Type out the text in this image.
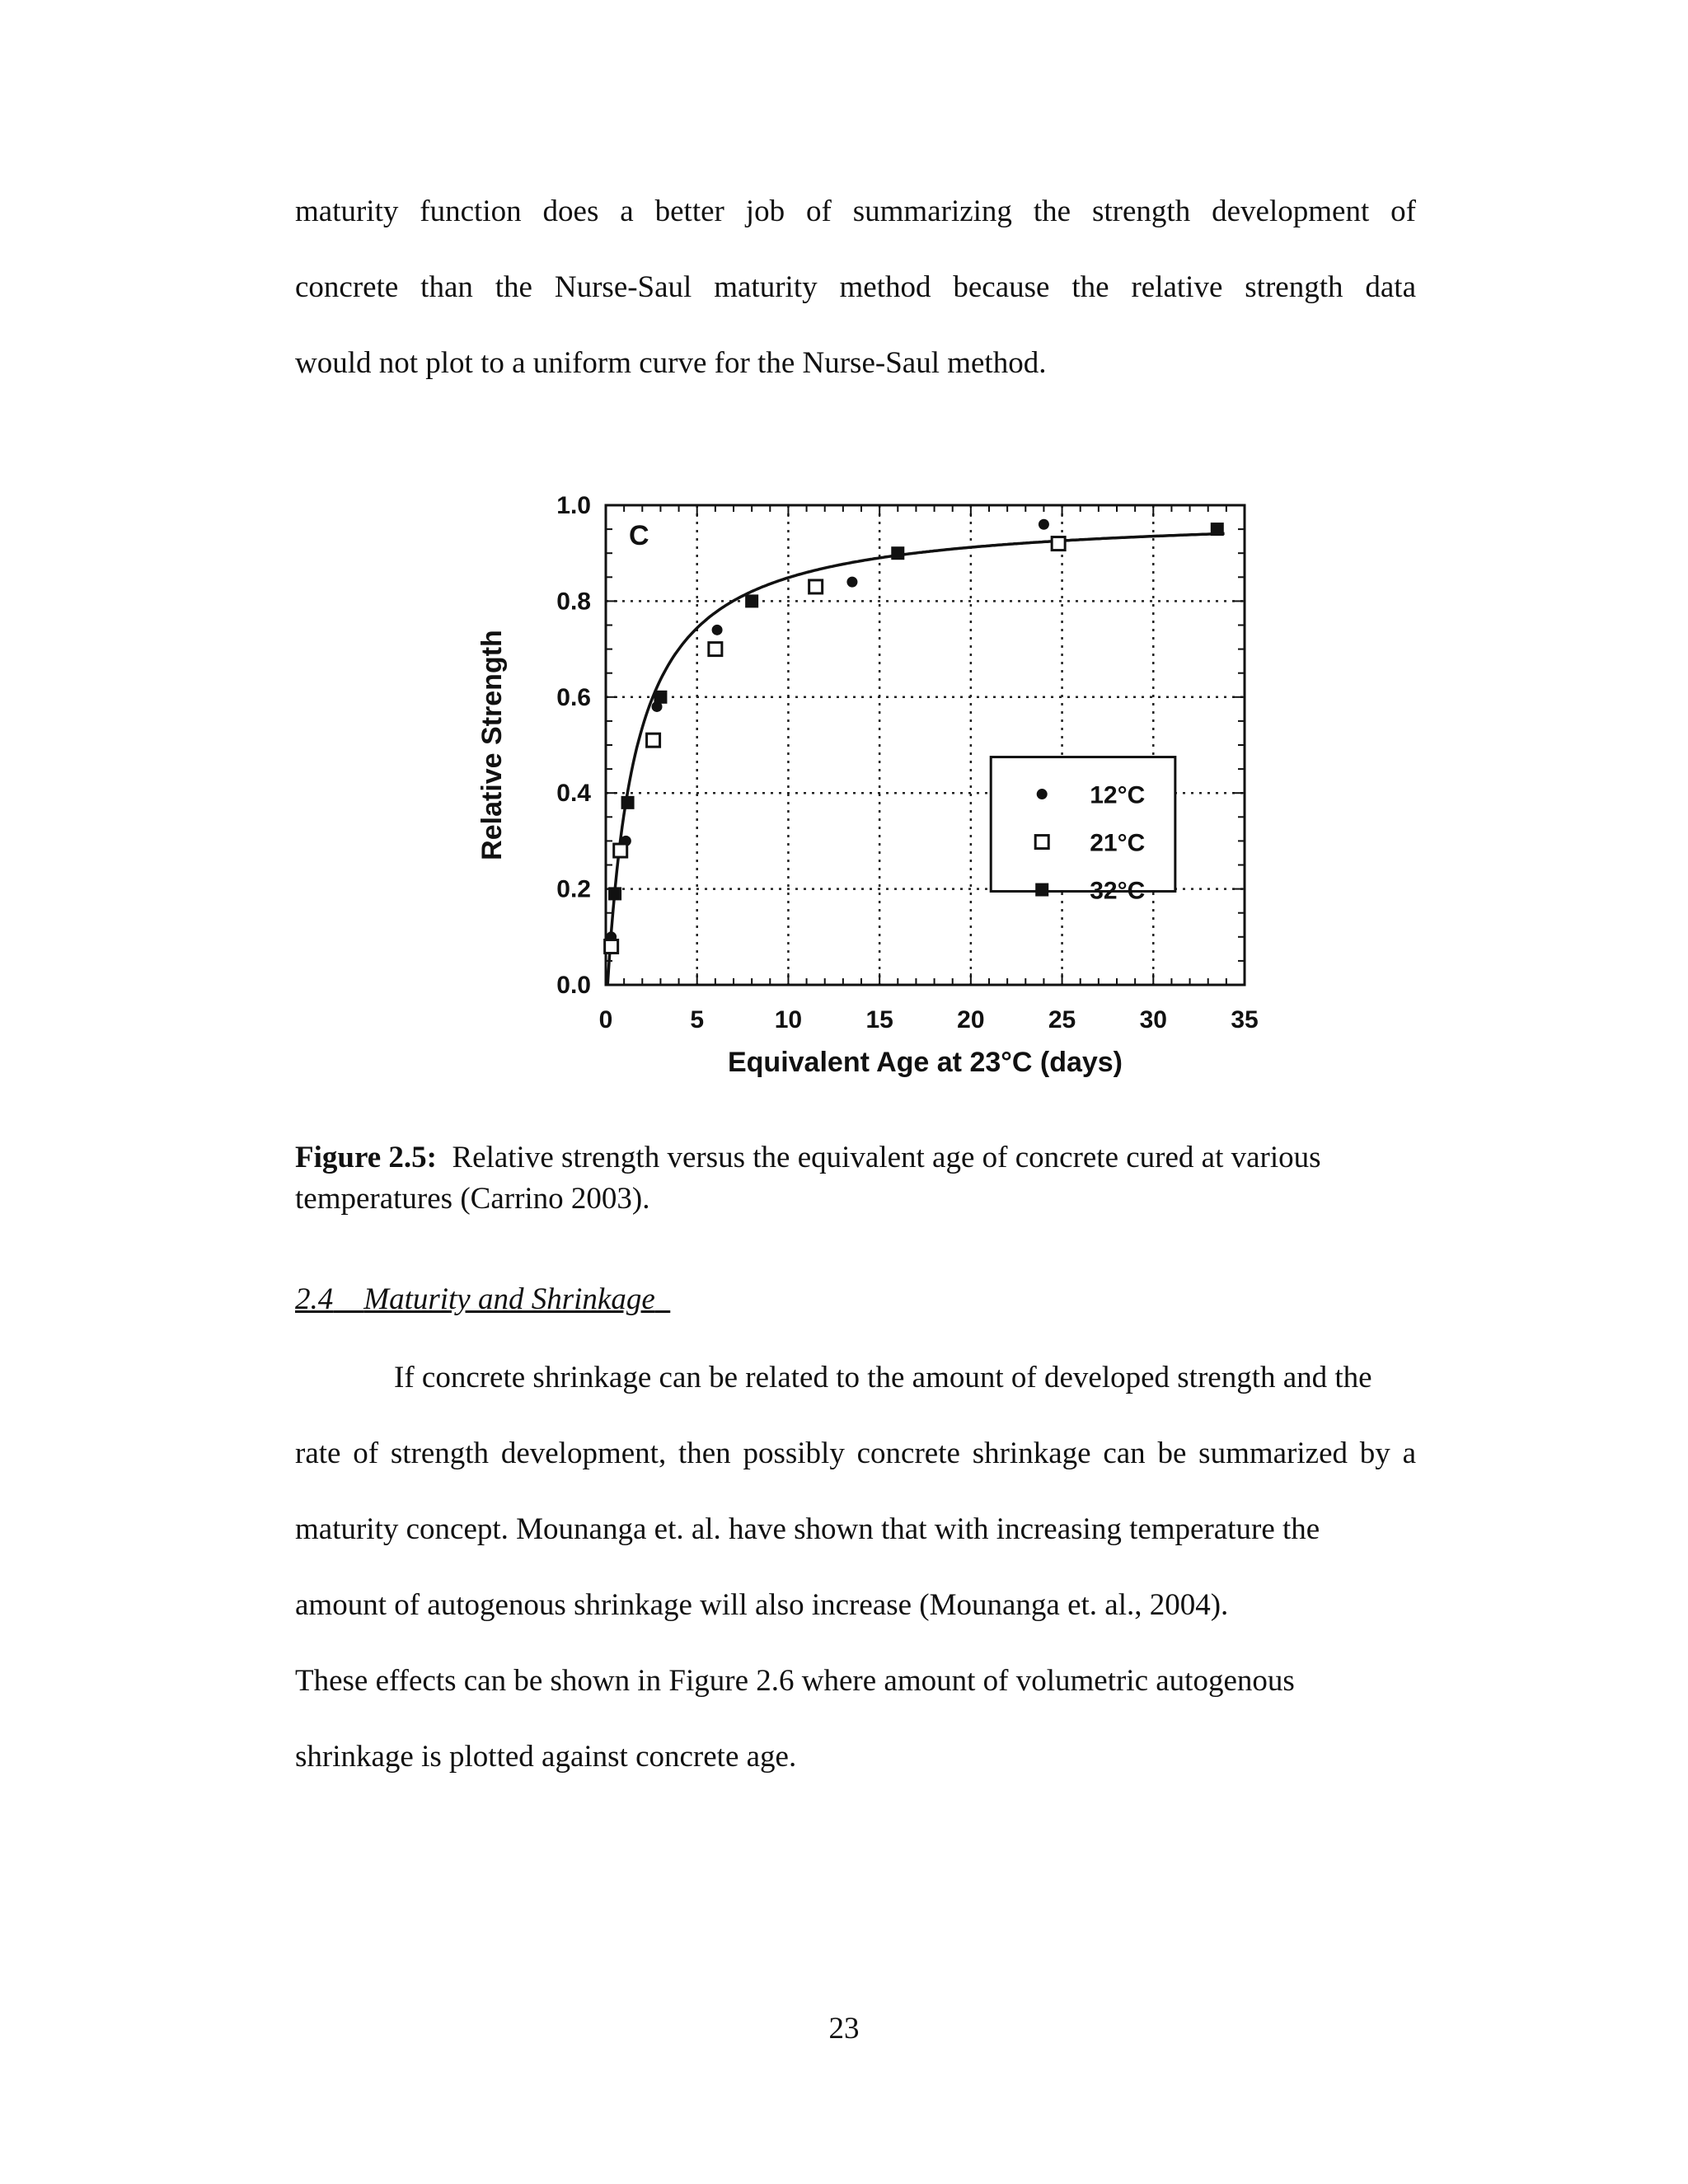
maturity function does a better job of summarizing the strength development of
concrete than the Nurse-Saul maturity method because the relative strength data
would not plot to a uniform curve for the Nurse-Saul method.
12°C
21°C
32°C
0	5	10	15	20	25	30	35
0.0
0.2
0.4
0.6
0.8
1.0
Equivalent Age at 23°C (days)
Relative Strength
C
Figure 2.5: Relative strength versus the equivalent age of concrete cured at various temperatures (Carrino 2003).
2.4 Maturity and Shrinkage
If concrete shrinkage can be related to the amount of developed strength and the
rate of strength development, then possibly concrete shrinkage can be summarized by a
maturity concept. Mounanga et. al. have shown that with increasing temperature the
amount of autogenous shrinkage will also increase (Mounanga et. al., 2004).
These effects can be shown in Figure 2.6 where amount of volumetric autogenous
shrinkage is plotted against concrete age.
23
